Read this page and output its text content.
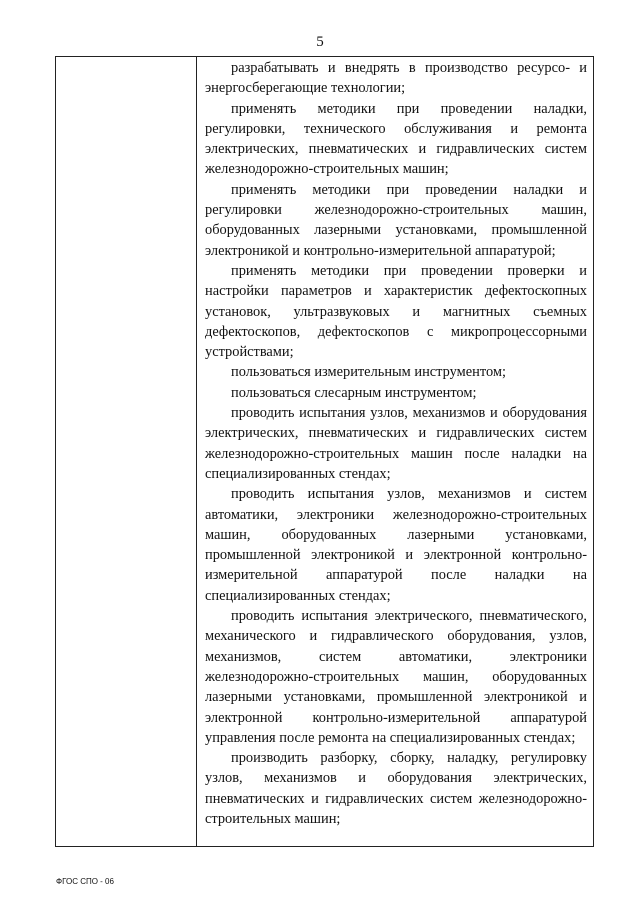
5

разрабатывать и внедрять в производство ресурсо- и энергосберегающие технологии;

применять методики при проведении наладки, регулировки, технического обслуживания и ремонта электрических, пневматических и гидравлических систем железнодорожно-строительных машин;

применять методики при проведении наладки и регулировки железнодорожно-строительных машин, оборудованных лазерными установками, промышленной электроникой и контрольно-измерительной аппаратурой;

применять методики при проведении проверки и настройки параметров и характеристик дефектоскопных установок, ультразвуковых и магнитных съемных дефектоскопов, дефектоскопов с микропроцессорными устройствами;

пользоваться измерительным инструментом;

пользоваться слесарным инструментом;

проводить испытания узлов, механизмов и оборудования электрических, пневматических и гидравлических систем железнодорожно-строительных машин после наладки на специализированных стендах;

проводить испытания узлов, механизмов и систем автоматики, электроники железнодорожно-строительных машин, оборудованных лазерными установками, промышленной электроникой и электронной контрольно-измерительной аппаратурой после наладки на специализированных стендах;

проводить испытания электрического, пневматического, механического и гидравлического оборудования, узлов, механизмов, систем автоматики, электроники железнодорожно-строительных машин, оборудованных лазерными установками, промышленной электроникой и электронной контрольно-измерительной аппаратурой управления после ремонта на специализированных стендах;

производить разборку, сборку, наладку, регулировку узлов, механизмов и оборудования электрических, пневматических и гидравлических систем железнодорожно-строительных машин;

ФГОС СПО - 06
